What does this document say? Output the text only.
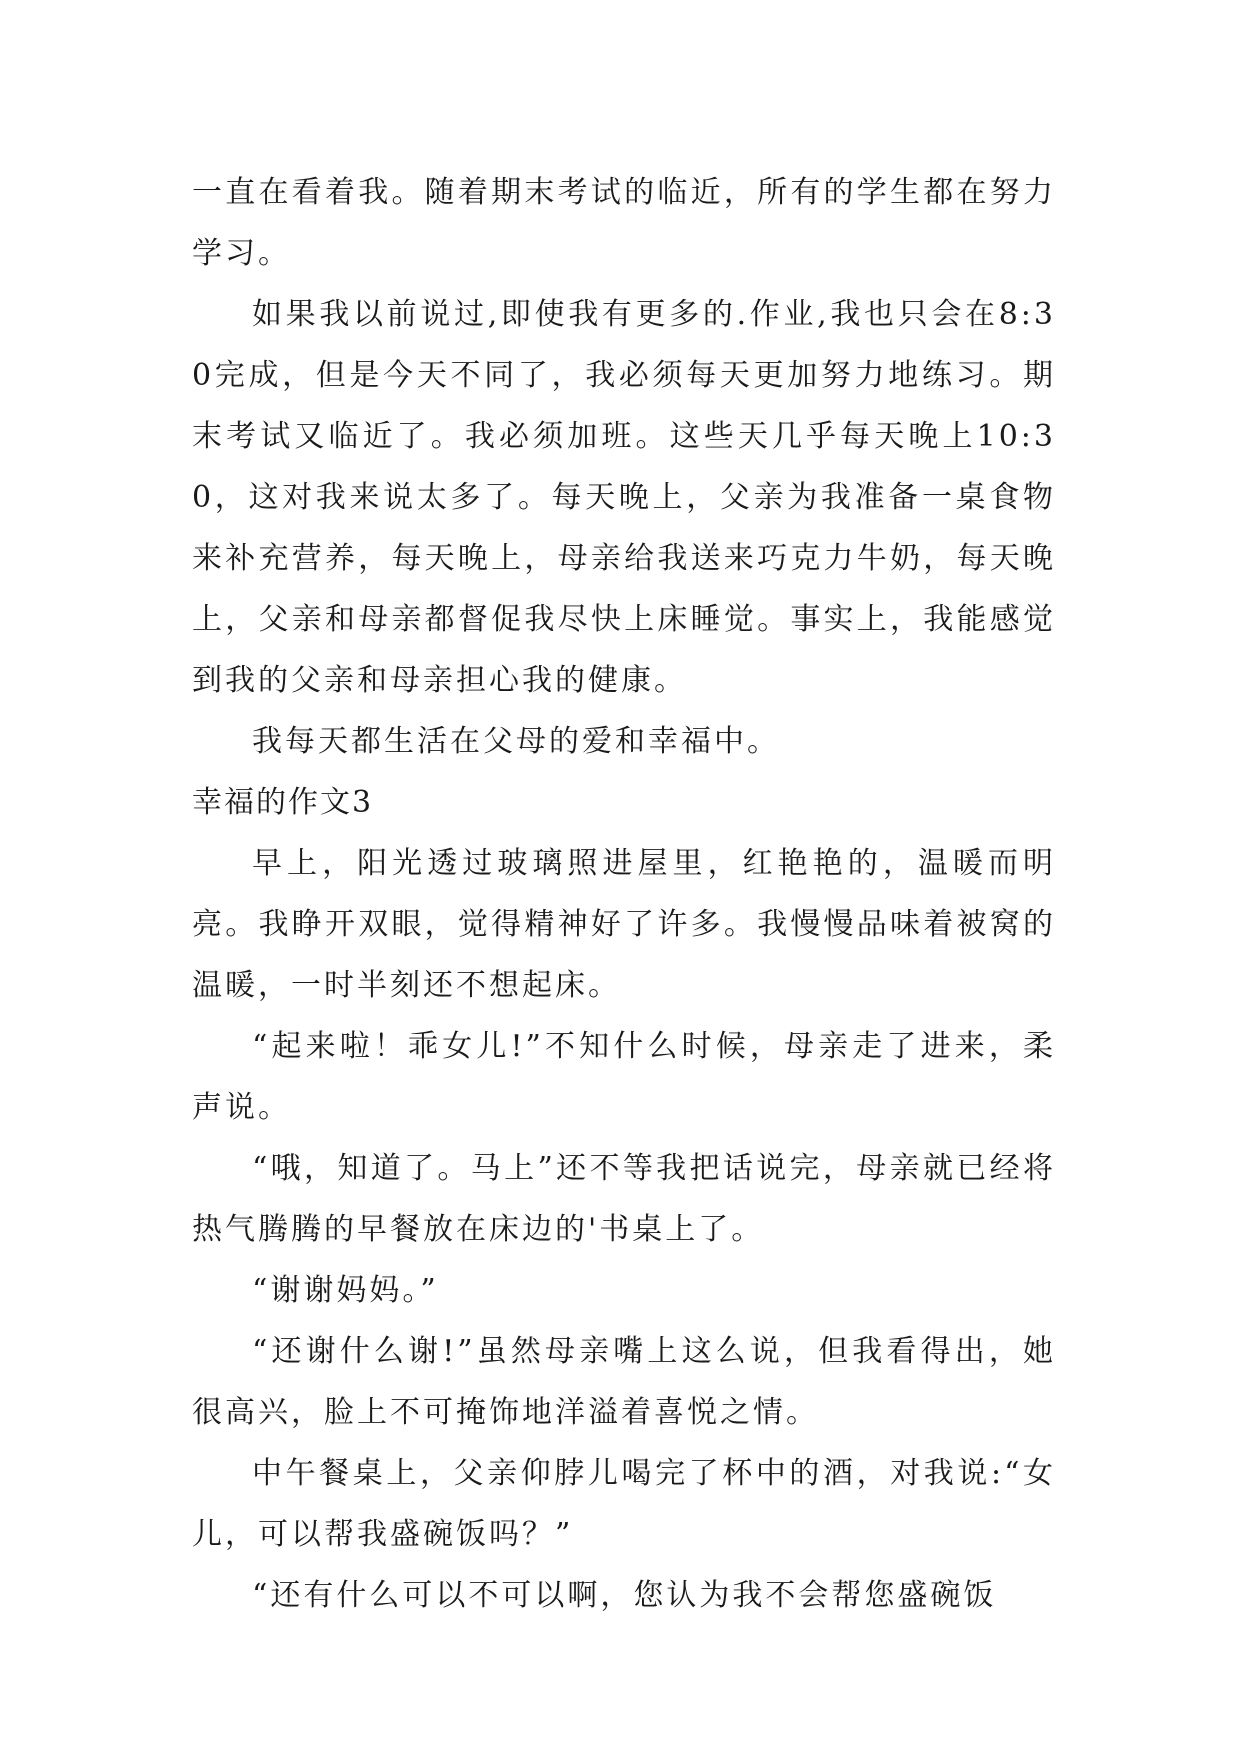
一直在看着我。随着期末考试的临近，所有的学生都在努力学习。

如果我以前说过,即使我有更多的.作业,我也只会在8:30完成，但是今天不同了，我必须每天更加努力地练习。期末考试又临近了。我必须加班。这些天几乎每天晚上10:30，这对我来说太多了。每天晚上，父亲为我准备一桌食物来补充营养，每天晚上，母亲给我送来巧克力牛奶，每天晚上，父亲和母亲都督促我尽快上床睡觉。事实上，我能感觉到我的父亲和母亲担心我的健康。

我每天都生活在父母的爱和幸福中。

幸福的作文3

早上，阳光透过玻璃照进屋里，红艳艳的，温暖而明亮。我睁开双眼，觉得精神好了许多。我慢慢品味着被窝的温暖，一时半刻还不想起床。

“起来啦！乖女儿!”不知什么时候，母亲走了进来，柔声说。

“哦，知道了。马上”还不等我把话说完，母亲就已经将热气腾腾的早餐放在床边的'书桌上了。

“谢谢妈妈。”

“还谢什么谢!”虽然母亲嘴上这么说，但我看得出，她很高兴，脸上不可掩饰地洋溢着喜悦之情。

中午餐桌上，父亲仰脖儿喝完了杯中的酒，对我说:“女儿，可以帮我盛碗饭吗？”

“还有什么可以不可以啊，您认为我不会帮您盛碗饭
